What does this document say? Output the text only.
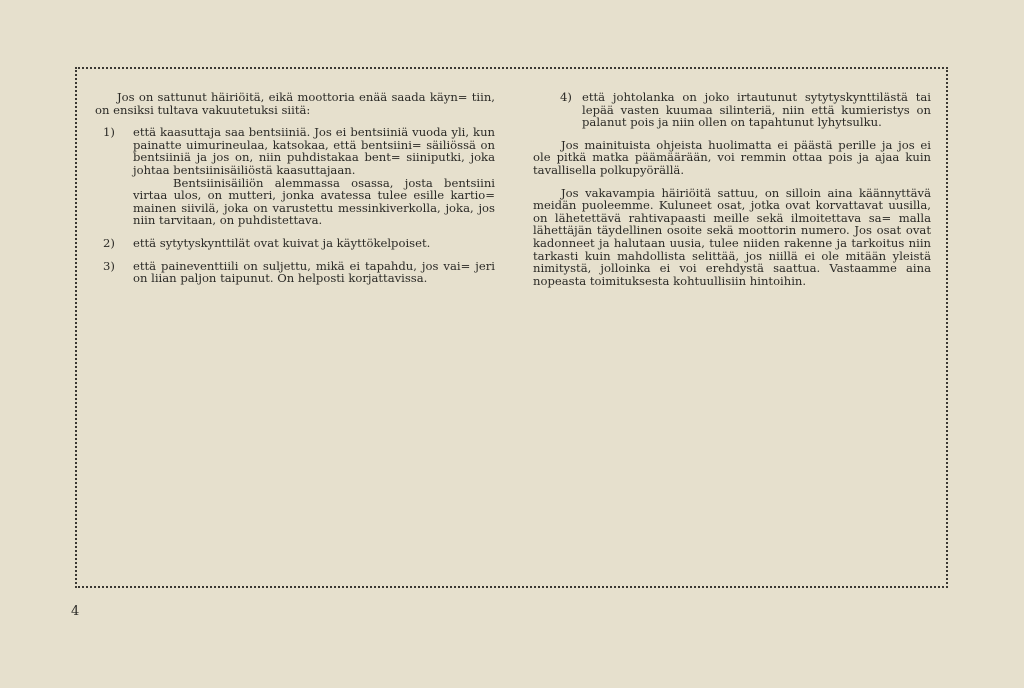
Jos on sattunut häiriöitä, eikä moottoria enää saada käyn= tiin, on ensiksi tultava vakuutetuksi siitä:

1)	että kaasuttaja saa bentsiiniä. Jos ei bentsiiniä vuoda yli, kun painatte uimurineulaa, katsokaa, että bentsiini= säiliössä on bentsiiniä ja jos on, niin puhdistakaa bent= siiniputki, joka johtaa bentsiinisäiliöstä kaasuttajaan.

Bentsiinisäiliön alemmassa osassa, josta bentsiini virtaa ulos, on mutteri, jonka avatessa tulee esille kartio= mainen siivilä, joka on varustettu messinkiverkolla, joka, jos niin tarvitaan, on puhdistettava.

2)	että sytytyskynttilät ovat kuivat ja käyttökelpoiset.
3)	että paineventtiili on suljettu, mikä ei tapahdu, jos vai= jeri on liian paljon taipunut. On helposti korjattavissa.
4) että johtolanka on joko irtautunut sytytyskynttilästä tai lepää vasten kuumaa silinteriä, niin että kumieristys on palanut pois ja niin ollen on tapahtunut lyhytsulku.

Jos mainituista ohjeista huolimatta ei päästä perille ja jos ei ole pitkä matka päämäärään, voi remmin ottaa pois ja ajaa kuin tavallisella polkupyörällä.

Jos vakavampia häiriöitä sattuu, on silloin aina käännyttävä meidän puoleemme. Kuluneet osat, jotka ovat korvattavat uusilla, on lähetettävä rahtivapaasti meille sekä ilmoitettava sa= malla lähettäjän täydellinen osoite sekä moottorin numero. Jos osat ovat kadonneet ja halutaan uusia, tulee niiden rakenne ja tarkoitus niin tarkasti kuin mahdollista selittää, jos niillä ei ole mitään yleistä nimitystä, jolloinka ei voi erehdystä saattua. Vastaamme aina nopeasta toimituksesta kohtuullisiin hintoihin.

4
